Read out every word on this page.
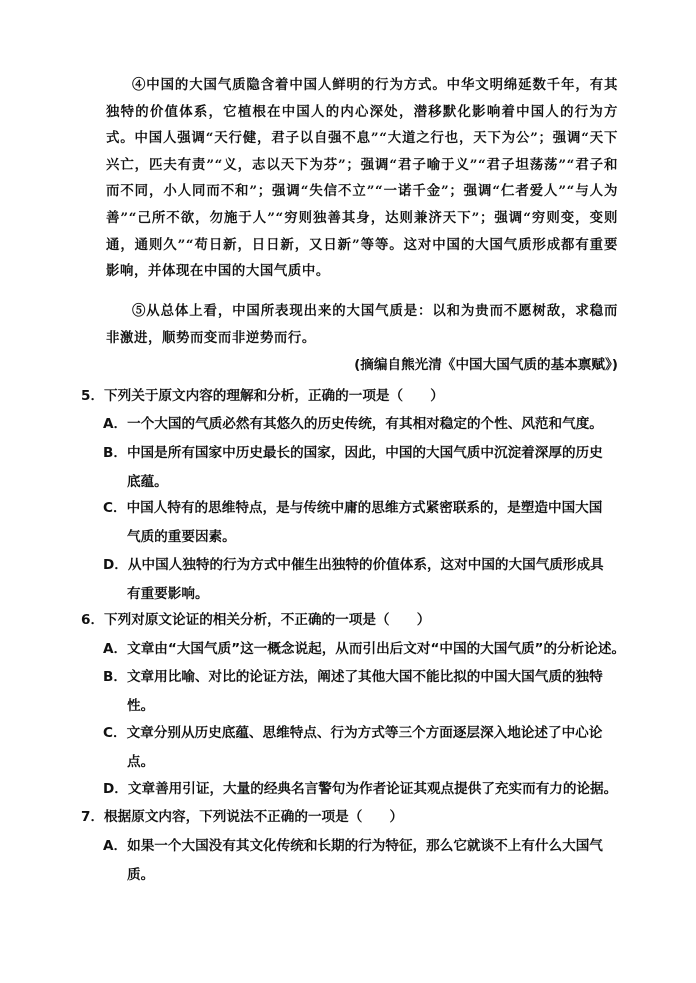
④中国的大国气质隐含着中国人鲜明的行为方式。中华文明绵延数千年，有其独特的价值体系，它植根在中国人的内心深处，潜移默化影响着中国人的行为方式。中国人强调“天行健，君子以自强不息”“大道之行也，天下为公”；强调“天下兴亡，匹夫有责”“义，志以天下为芬”；强调“君子喻于义”“君子坦荡荡”“君子和而不同，小人同而不和”；强调“失信不立”“一诺千金”；强调“仁者爱人”“与人为善”“己所不欲，勿施于人”“穷则独善其身，达则兼济天下”；强调“穷则变，变则通，通则久”“苟日新，日日新，又日新”等等。这对中国的大国气质形成都有重要影响，并体现在中国的大国气质中。

⑤从总体上看，中国所表现出来的大国气质是：以和为贵而不愿树敌，求稳而非激进，顺势而变而非逆势而行。

(摘编自熊光清《中国大国气质的基本禀赋》)
5．下列关于原文内容的理解和分析，正确的一项是（　　）
A．一个大国的气质必然有其悠久的历史传统，有其相对稳定的个性、风范和气度。
B．中国是所有国家中历史最长的国家，因此，中国的大国气质中沉淀着深厚的历史
底蕴。
C．中国人特有的思维特点，是与传统中庸的思维方式紧密联系的，是塑造中国大国
气质的重要因素。
D．从中国人独特的行为方式中催生出独特的价值体系，这对中国的大国气质形成具
有重要影响。
6．下列对原文论证的相关分析，不正确的一项是（　　）
A．文章由“大国气质”这一概念说起，从而引出后文对“中国的大国气质”的分析论述。
B．文章用比喻、对比的论证方法，阐述了其他大国不能比拟的中国大国气质的独特
性。
C．文章分别从历史底蕴、思维特点、行为方式等三个方面逐层深入地论述了中心论
点。
D．文章善用引证，大量的经典名言警句为作者论证其观点提供了充实而有力的论据。
7．根据原文内容，下列说法不正确的一项是（　　）
A．如果一个大国没有其文化传统和长期的行为特征，那么它就谈不上有什么大国气
质。
